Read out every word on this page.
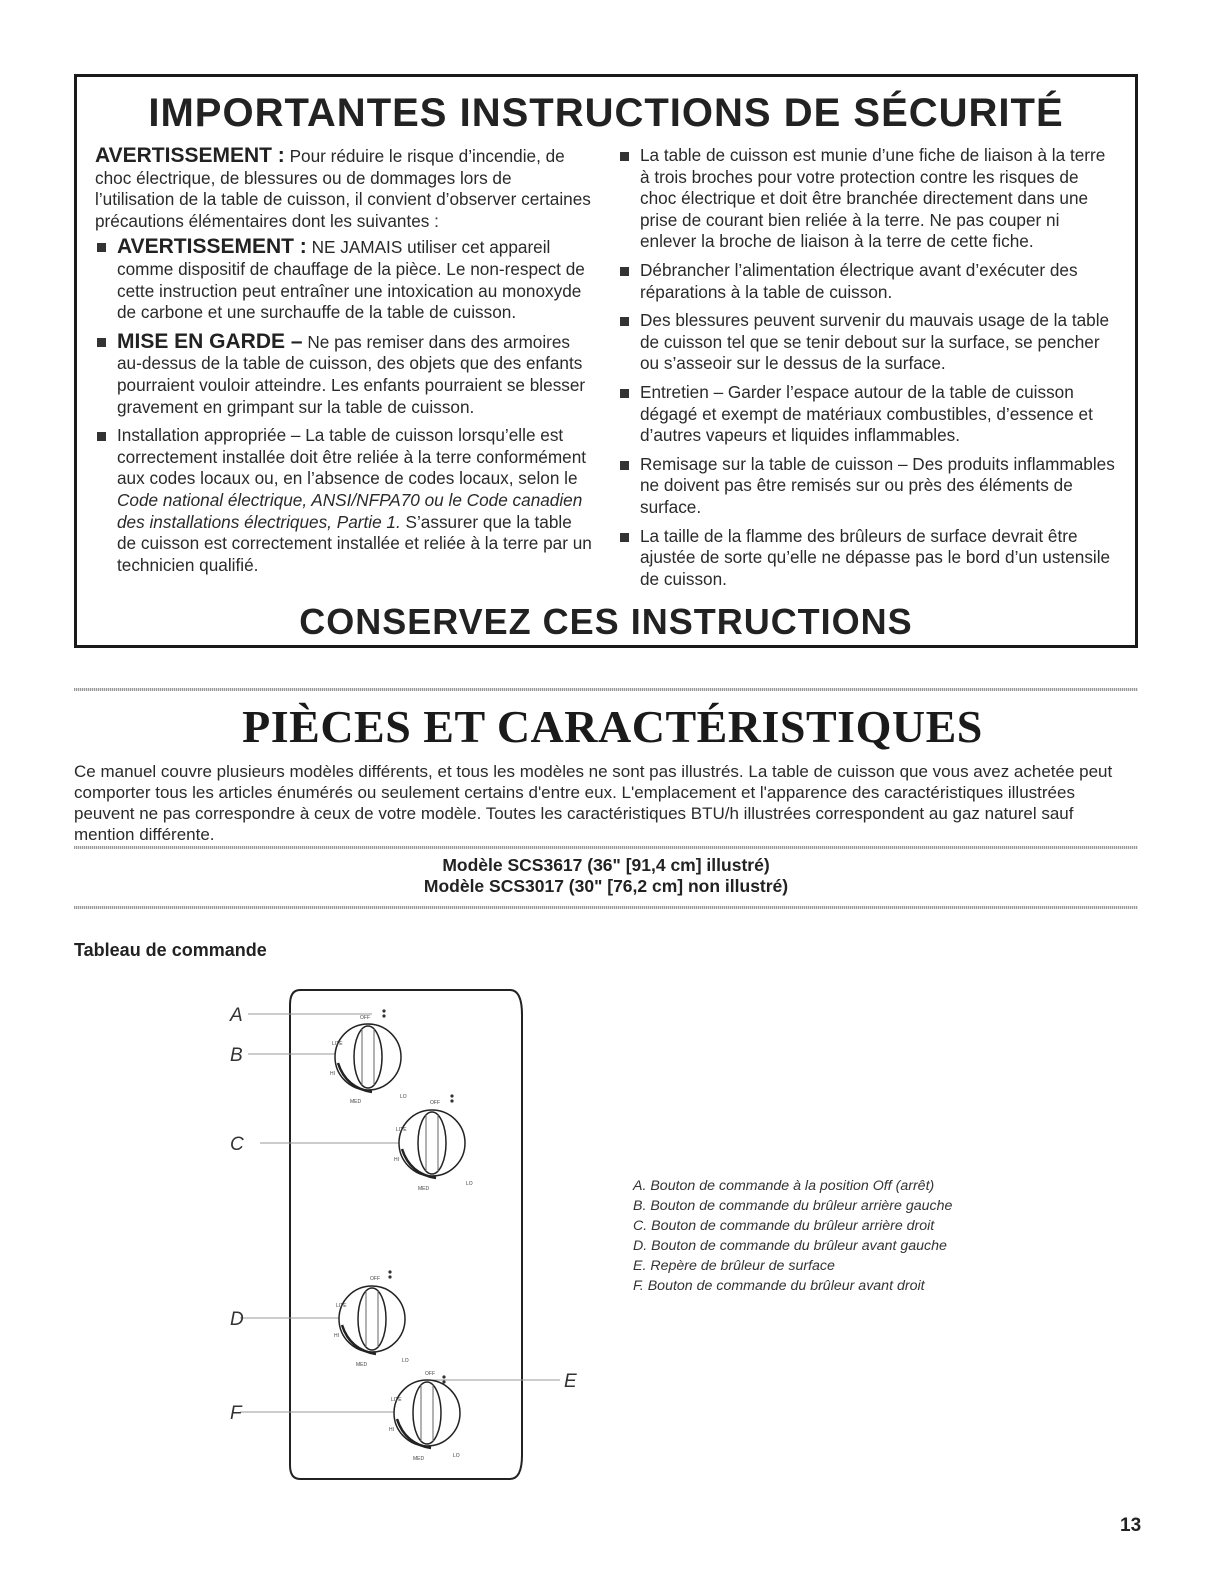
IMPORTANTES INSTRUCTIONS DE SÉCURITÉ

AVERTISSEMENT : Pour réduire le risque d’incendie, de choc électrique, de blessures ou de dommages lors de l’utilisation de la table de cuisson, il convient d’observer certaines précautions élémentaires dont les suivantes :

AVERTISSEMENT : NE JAMAIS utiliser cet appareil comme dispositif de chauffage de la pièce. Le non-respect de cette instruction peut entraîner une intoxication au monoxyde de carbone et une surchauffe de la table de cuisson.
MISE EN GARDE – Ne pas remiser dans des armoires au-dessus de la table de cuisson, des objets que des enfants pourraient vouloir atteindre. Les enfants pourraient se blesser gravement en grimpant sur la table de cuisson.
Installation appropriée – La table de cuisson lorsqu’elle est correctement installée doit être reliée à la terre conformément aux codes locaux ou, en l’absence de codes locaux, selon le Code national électrique, ANSI/NFPA70 ou le Code canadien des installations électriques, Partie 1. S’assurer que la table de cuisson est correctement installée et reliée à la terre par un technicien qualifié.
La table de cuisson est munie d’une fiche de liaison à la terre à trois broches pour votre protection contre les risques de choc électrique et doit être branchée directement dans une prise de courant bien reliée à la terre. Ne pas couper ni enlever la broche de liaison à la terre de cette fiche.
Débrancher l’alimentation électrique avant d’exécuter des réparations à la table de cuisson.
Des blessures peuvent survenir du mauvais usage de la table de cuisson tel que se tenir debout sur la surface, se pencher ou s’asseoir sur le dessus de la surface.
Entretien – Garder l’espace autour de la table de cuisson dégagé et exempt de matériaux combustibles, d’essence et d’autres vapeurs et liquides inflammables.
Remisage sur la table de cuisson – Des produits inflammables ne doivent pas être remisés sur ou près des éléments de surface.
La taille de la flamme des brûleurs de surface devrait être ajustée de sorte qu’elle ne dépasse pas le bord d’un ustensile de cuisson.
CONSERVEZ CES INSTRUCTIONS
PIÈCES ET CARACTÉRISTIQUES
Ce manuel couvre plusieurs modèles différents, et tous les modèles ne sont pas illustrés. La table de cuisson que vous avez achetée peut comporter tous les articles énumérés ou seulement certains d'entre eux. L'emplacement et l'apparence des caractéristiques illustrées peuvent ne pas correspondre à ceux de votre modèle. Toutes les caractéristiques BTU/h illustrées correspondent au gaz naturel sauf mention différente.
Modèle SCS3617 (36" [91,4 cm] illustré)
Modèle SCS3017 (30" [76,2 cm] non illustré)
Tableau de commande
A
B
C
D
E
F
OFF
LITE
HI
MED
LO
OFF
LITE
HI
MED
LO
OFF
LITE
HI
MED
LO
OFF
LITE
HI
MED	LO
A. Bouton de commande à la position Off (arrêt)
B. Bouton de commande du brûleur arrière gauche
C. Bouton de commande du brûleur arrière droit
D. Bouton de commande du brûleur avant gauche
E. Repère de brûleur de surface
F. Bouton de commande du brûleur avant droit
13
